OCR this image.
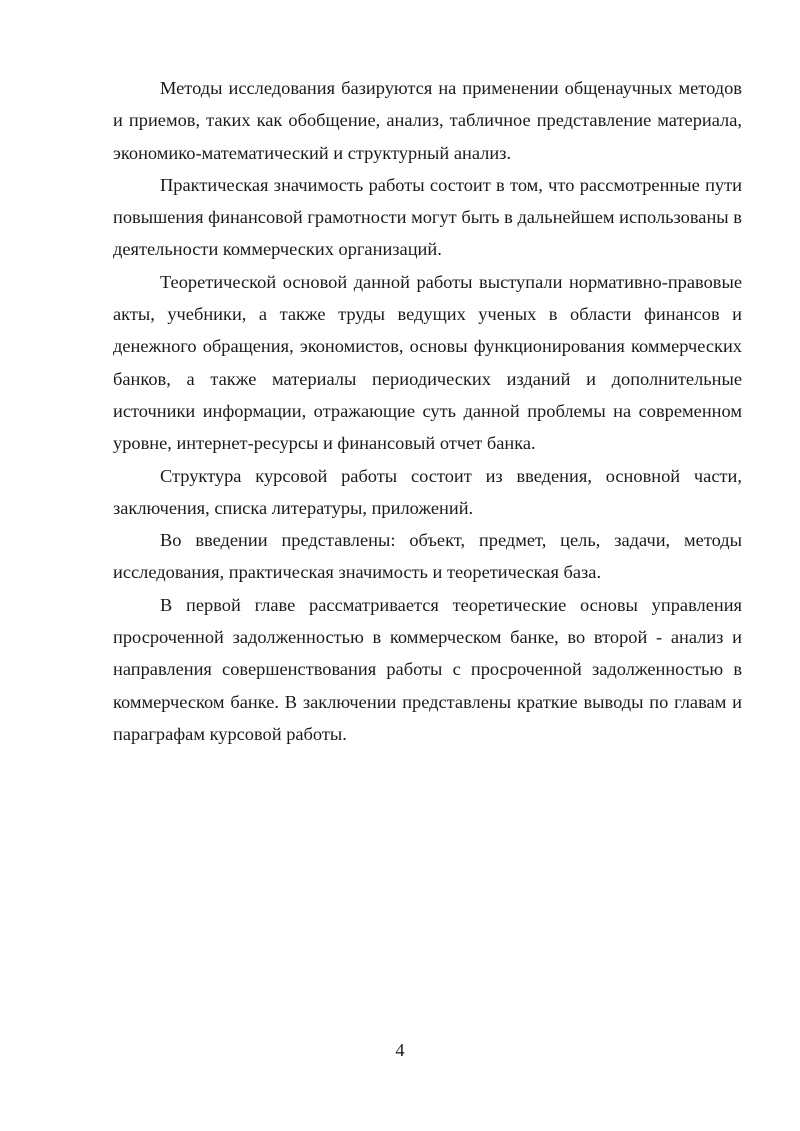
Методы исследования базируются на применении общенаучных методов и приемов, таких как обобщение, анализ, табличное представление материала, экономико-математический и структурный анализ.

Практическая значимость работы состоит в том, что рассмотренные пути повышения финансовой грамотности могут быть в дальнейшем использованы в деятельности коммерческих организаций.

Теоретической основой данной работы выступали нормативно-правовые акты, учебники, а также труды ведущих ученых в области финансов и денежного обращения, экономистов, основы функционирования коммерческих банков, а также материалы периодических изданий и дополнительные источники информации, отражающие суть данной проблемы на современном уровне, интернет-ресурсы и финансовый отчет банка.

Структура курсовой работы состоит из введения, основной части, заключения, списка литературы, приложений.

Во введении представлены: объект, предмет, цель, задачи, методы исследования, практическая значимость и теоретическая база.

В первой главе рассматривается теоретические основы управления просроченной задолженностью в коммерческом банке, во второй - анализ и направления совершенствования работы с просроченной задолженностью в коммерческом банке. В заключении представлены краткие выводы по главам и параграфам курсовой работы.

4
